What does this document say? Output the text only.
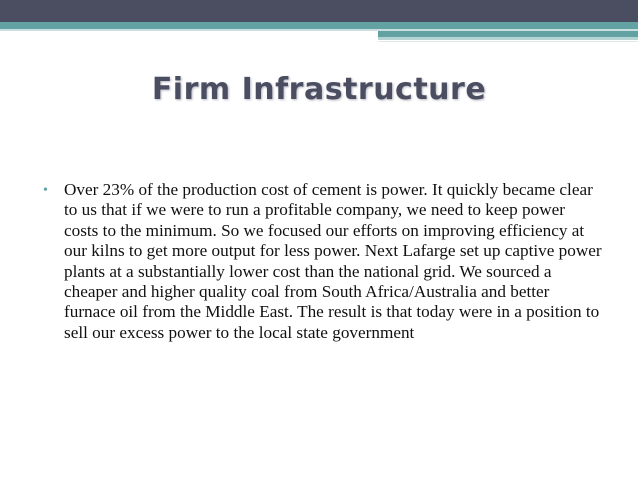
Firm Infrastructure
• Over 23% of the production cost of cement is power. It quickly became clear to us that if we were to run a profitable company, we need to keep power costs to the minimum. So we focused our efforts on improving efficiency at our kilns to get more output for less power. Next Lafarge set up captive power plants at a substantially lower cost than the national grid. We sourced a cheaper and higher quality coal from South Africa/Australia and better furnace oil from the Middle East. The result is that today were in a position to sell our excess power to the local state government
